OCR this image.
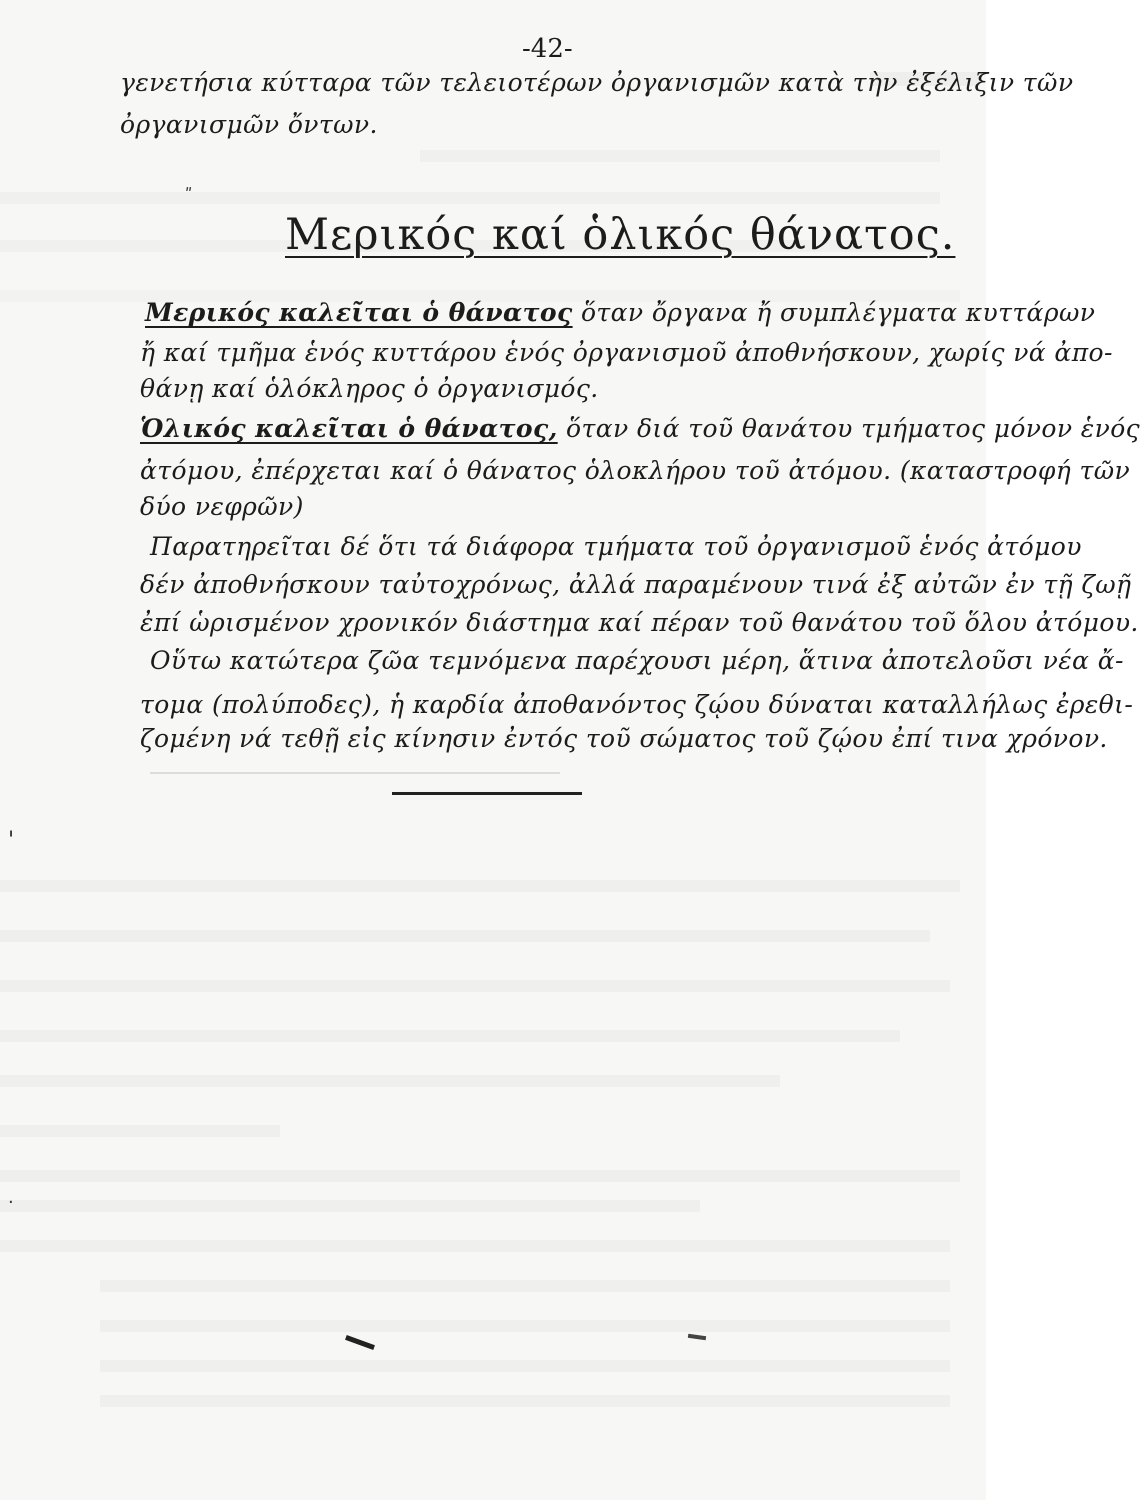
-42-
γενετήσια κύτταρα τῶν τελειοτέρων ὀργανισμῶν κατὰ τὴν ἐξέλιξιν τῶν
ὀργανισμῶν ὄντων.
ʺ
Μερικός καί ὁλικός θάνατος.
Μερικός καλεῖται ὁ θάνατος ὅταν ὄργανα ἤ συμπλέγματα κυττάρων
ἤ καί τμῆμα ἑνός κυττάρου ἑνός ὀργανισμοῦ ἀποθνήσκουν, χωρίς νά ἀπο-
θάνῃ καί ὁλόκληρος ὁ ὀργανισμός.
Ὁλικός καλεῖται ὁ θάνατος, ὅταν διά τοῦ θανάτου τμήματος μόνον ἑνός
ἀτόμου, ἐπέρχεται καί ὁ θάνατος ὁλοκλήρου τοῦ ἀτόμου. (καταστροφή τῶν
δύο νεφρῶν)
Παρατηρεῖται δέ ὅτι τά διάφορα τμήματα τοῦ ὀργανισμοῦ ἑνός ἀτόμου
δέν ἀποθνήσκουν ταὐτοχρόνως, ἀλλά παραμένουν τινά ἐξ αὐτῶν ἐν τῇ ζωῇ
ἐπί ὡρισμένον χρονικόν διάστημα καί πέραν τοῦ θανάτου τοῦ ὅλου ἀτόμου.
Οὕτω κατώτερα ζῶα τεμνόμενα παρέχουσι μέρη, ἅτινα ἀποτελοῦσι νέα ἄ-
τομα (πολύποδες), ἡ καρδία ἀποθανόντος ζῴου δύναται καταλλήλως ἐρεθι-
ζομένη νά τεθῇ εἰς κίνησιν ἐντός τοῦ σώματος τοῦ ζῴου ἐπί τινα χρόνον.
'
·
